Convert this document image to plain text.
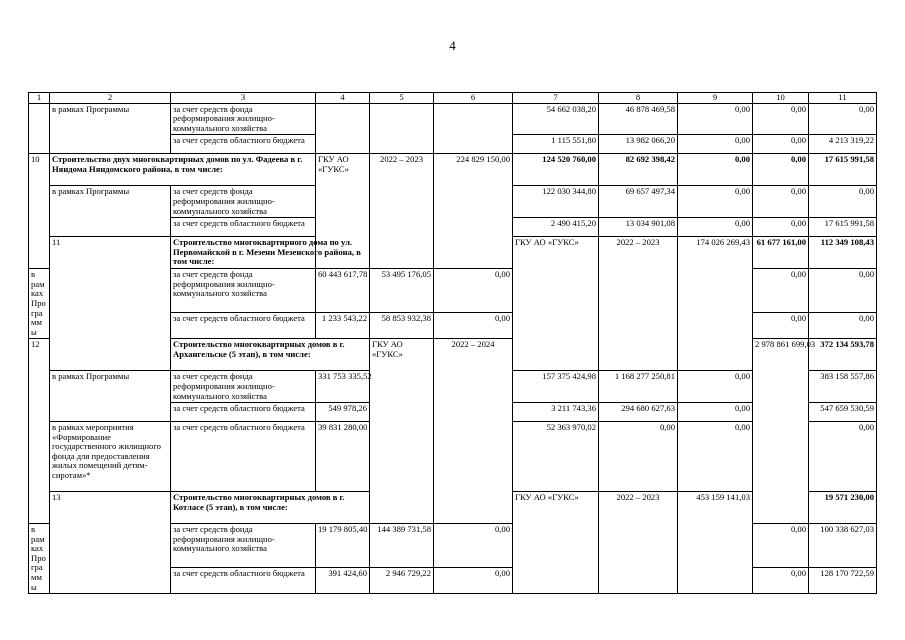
4
1	2	3	4	5	6	7	8	9	10	11	
	в рамках Программы	за счет средств фонда реформирования жилищно-коммунального хозяйства				54 662 038,20	46 878 469,58	0,00	0,00	0,00	
		за счет средств областного бюджета				1 115 551,80	13 982 066,20	0,00	0,00	4 213 319,22	
10	Строительство двух многоквартирных домов по ул. Фадеева в г. Няндома Няндомского района, в том числе:		ГКУ АО «ГУКС»	2022 – 2023	224 829 150,00	124 520 760,00	82 692 398,42	0,00	0,00	17 615 991,58	
	в рамках Программы	за счет средств фонда реформирования жилищно-коммунального хозяйства				122 030 344,80	69 657 497,34	0,00	0,00	0,00	
		за счет средств областного бюджета				2 490 415,20	13 034 901,08	0,00	0,00	17 615 991,58	
	11	Строительство многоквартирного дома по ул. Первомайской в г. Мезени Мезенского района, в том числе:				ГКУ АО «ГУКС»	2022 – 2023	174 026 269,43	61 677 161,00	112 349 108,43			
в рамках Программы		за счет средств фонда реформирования жилищно-коммунального хозяйства	60 443 617,78	53 495 176,05	0,00				0,00	0,00	
		за счет средств областного бюджета	1 233 543,22	58 853 932,38	0,00				0,00	0,00	
12		Строительство многоквартирных домов в г. Архангельске (5 этап), в том числе:		ГКУ АО «ГУКС»	2022 – 2024				2 978 861 699,03	372 134 593,78				
	в рамках Программы	за счет средств фонда реформирования жилищно-коммунального хозяйства	331 753 335,52			157 375 424,98	1 168 277 250,81	0,00		383 158 557,86	
		за счет средств областного бюджета	549 978,26			3 211 743,36	294 680 627,63	0,00		547 659 530,59	
	в рамках мероприятия «Формирование государственного жилищного фонда для предоставления жилых помещений детям-сиротам»*	за счет средств областного бюджета	39 831 280,00			52 363 970,02	0,00	0,00		0,00	
	13	Строительство многоквартирных домов в г. Котласе (5 этап), в том числе:				ГКУ АО «ГУКС»	2022 – 2023	453 159 141,03		19 571 230,00				
в рамках Программы		за счет средств фонда реформирования жилищно-коммунального хозяйства	19 179 805,40	144 389 731,58	0,00				0,00	100 338 627,03	
		за счет средств областного бюджета	391 424,60	2 946 729,22	0,00				0,00	128 170 722,59	
